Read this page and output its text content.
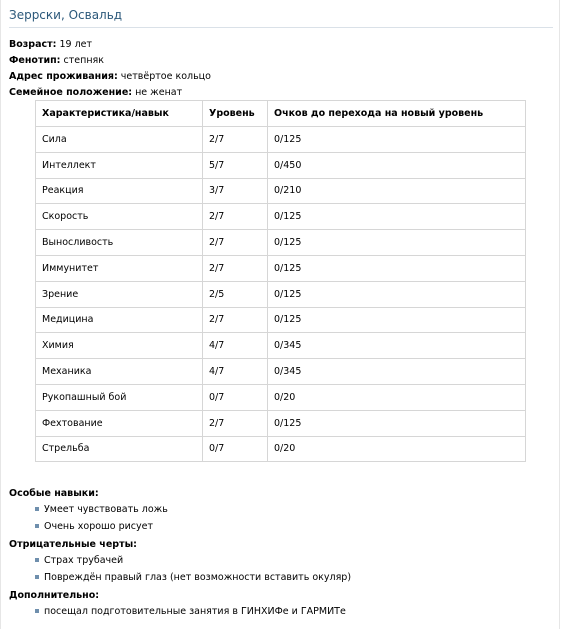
Зеррски, Освальд
Возраст: 19 лет
Фенотип: степняк
Адрес проживания: четвёртое кольцо
Семейное положение: не женат
Характеристика/навык	Уровень	Очков до перехода на новый уровень
Сила	2/7	0/125
Интеллект	5/7	0/450
Реакция	3/7	0/210
Скорость	2/7	0/125
Выносливость	2/7	0/125
Иммунитет	2/7	0/125
Зрение	2/5	0/125
Медицина	2/7	0/125
Химия	4/7	0/345
Механика	4/7	0/345
Рукопашный бой	0/7	0/20
Фехтование	2/7	0/125
Стрельба	0/7	0/20
Особые навыки:
Умеет чувствовать ложь
Очень хорошо рисует
Отрицательные черты:
Страх трубачей
Повреждён правый глаз (нет возможности вставить окуляр)
Дополнительно:
посещал подготовительные занятия в ГИНХИФе и ГАРМИТе
